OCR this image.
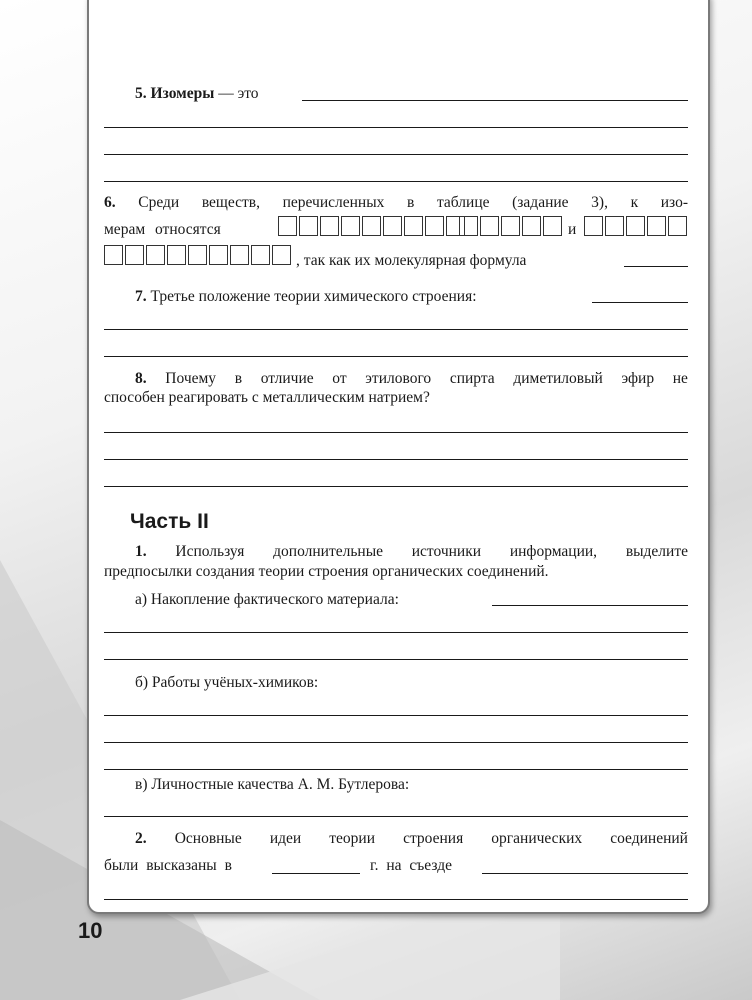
5. Изомеры — это
6. Среди веществ, перечисленных в таблице (задание 3), к изо-
мерам относятся	и
, так как их молекулярная формула
7. Третье положение теории химического строения:
8. Почему в отличие от этилового спирта диметиловый эфир не
способен реагировать с металлическим натрием?
Часть II
1. Используя дополнительные источники информации, выделите
предпосылки создания теории строения органических соединений.
а) Накопление фактического материала:
б) Работы учёных-химиков:
в) Личностные качества А. М. Бутлерова:
2. Основные идеи теории строения органических соединений
были высказаны в	г. на съезде
10
